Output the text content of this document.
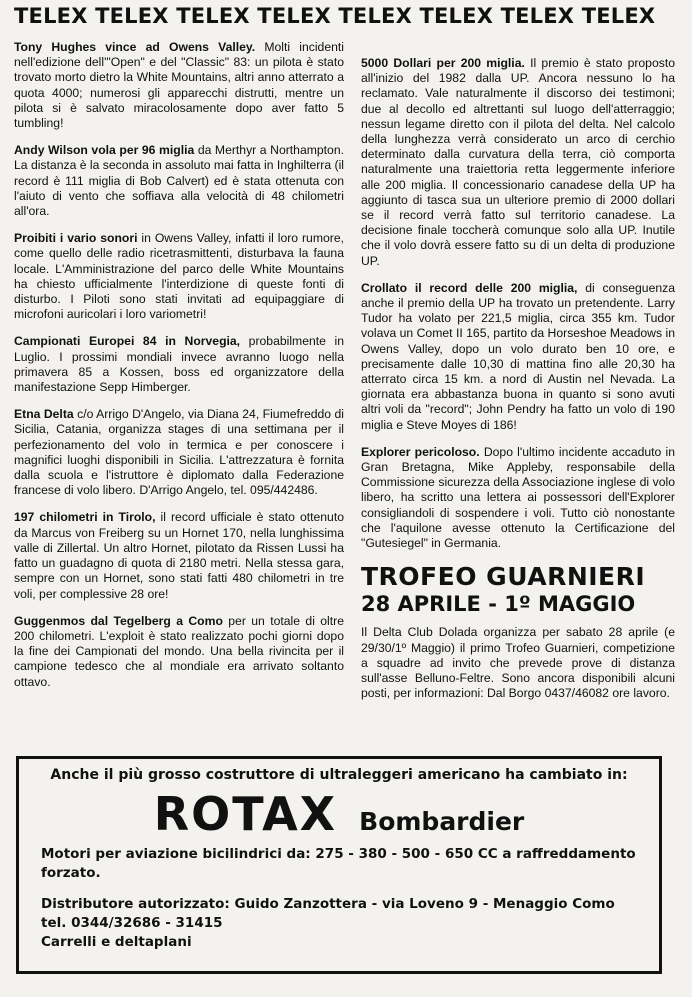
TELEX TELEX TELEX TELEX TELEX TELEX TELEX TELEX

Tony Hughes vince ad Owens Valley. Molti incidenti nell'edizione dell'"Open" e del "Classic" 83: un pilota è stato trovato morto dietro la White Mountains, altri anno atterrato a quota 4000; numerosi gli apparecchi distrutti, mentre un pilota si è salvato miracolosamente dopo aver fatto 5 tumbling!

Andy Wilson vola per 96 miglia da Merthyr a Northampton. La distanza è la seconda in assoluto mai fatta in Inghilterra (il record è 111 miglia di Bob Calvert) ed è stata ottenuta con l'aiuto di vento che soffiava alla velocità di 48 chilometri all'ora.

Proibiti i vario sonori in Owens Valley, infatti il loro rumore, come quello delle radio ricetrasmittenti, disturbava la fauna locale. L'Amministrazione del parco delle White Mountains ha chiesto ufficialmente l'interdizione di queste fonti di disturbo. I Piloti sono stati invitati ad equipaggiare di microfoni auricolari i loro variometri!

Campionati Europei 84 in Norvegia, probabilmente in Luglio. I prossimi mondiali invece avranno luogo nella primavera 85 a Kossen, boss ed organizzatore della manifestazione Sepp Himberger.

Etna Delta c/o Arrigo D'Angelo, via Diana 24, Fiumefreddo di Sicilia, Catania, organizza stages di una settimana per il perfezionamento del volo in termica e per conoscere i magnifici luoghi disponibili in Sicilia. L'attrezzatura è fornita dalla scuola e l'istruttore è diplomato dalla Federazione francese di volo libero. D'Arrigo Angelo, tel. 095/442486.

197 chilometri in Tirolo, il record ufficiale è stato ottenuto da Marcus von Freiberg su un Hornet 170, nella lunghissima valle di Zillertal. Un altro Hornet, pilotato da Rissen Lussi ha fatto un guadagno di quota di 2180 metri. Nella stessa gara, sempre con un Hornet, sono stati fatti 480 chilometri in tre voli, per complessive 28 ore!

Guggenmos dal Tegelberg a Como per un totale di oltre 200 chilometri. L'exploit è stato realizzato pochi giorni dopo la fine dei Campionati del mondo. Una bella rivincita per il campione tedesco che al mondiale era arrivato soltanto ottavo.

5000 Dollari per 200 miglia. Il premio è stato proposto all'inizio del 1982 dalla UP. Ancora nessuno lo ha reclamato. Vale naturalmente il discorso dei testimoni; due al decollo ed altrettanti sul luogo dell'atterraggio; nessun legame diretto con il pilota del delta. Nel calcolo della lunghezza verrà considerato un arco di cerchio determinato dalla curvatura della terra, ciò comporta naturalmente una traiettoria retta leggermente inferiore alle 200 miglia. Il concessionario canadese della UP ha aggiunto di tasca sua un ulteriore premio di 2000 dollari se il record verrà fatto sul territorio canadese. La decisione finale toccherà comunque solo alla UP. Inutile che il volo dovrà essere fatto su di un delta di produzione UP.

Crollato il record delle 200 miglia, di conseguenza anche il premio della UP ha trovato un pretendente. Larry Tudor ha volato per 221,5 miglia, circa 355 km. Tudor volava un Comet II 165, partito da Horseshoe Meadows in Owens Valley, dopo un volo durato ben 10 ore, e precisamente dalle 10,30 di mattina fino alle 20,30 ha atterrato circa 15 km. a nord di Austin nel Nevada. La giornata era abbastanza buona in quanto si sono avuti altri voli da "record"; John Pendry ha fatto un volo di 190 miglia e Steve Moyes di 186!

Explorer pericoloso. Dopo l'ultimo incidente accaduto in Gran Bretagna, Mike Appleby, responsabile della Commissione sicurezza della Associazione inglese di volo libero, ha scritto una lettera ai possessori dell'Explorer consigliandoli di sospendere i voli. Tutto ciò nonostante che l'aquilone avesse ottenuto la Certificazione del "Gutesiegel" in Germania.

TROFEO GUARNIERI
28 APRILE - 1º MAGGIO

Il Delta Club Dolada organizza per sabato 28 aprile (e 29/30/1º Maggio) il primo Trofeo Guarnieri, competizione a squadre ad invito che prevede prove di distanza sull'asse Belluno-Feltre. Sono ancora disponibili alcuni posti, per informazioni: Dal Borgo 0437/46082 ore lavoro.

Anche il più grosso costruttore di ultraleggeri americano ha cambiato in:

ROTAX Bombardier

Motori per aviazione bicilindrici da: 275 - 380 - 500 - 650 CC a raffreddamento forzato.

Distributore autorizzato: Guido Zanzottera - via Loveno 9 - Menaggio Como

tel. 0344/32686 - 31415

Carrelli e deltaplani
